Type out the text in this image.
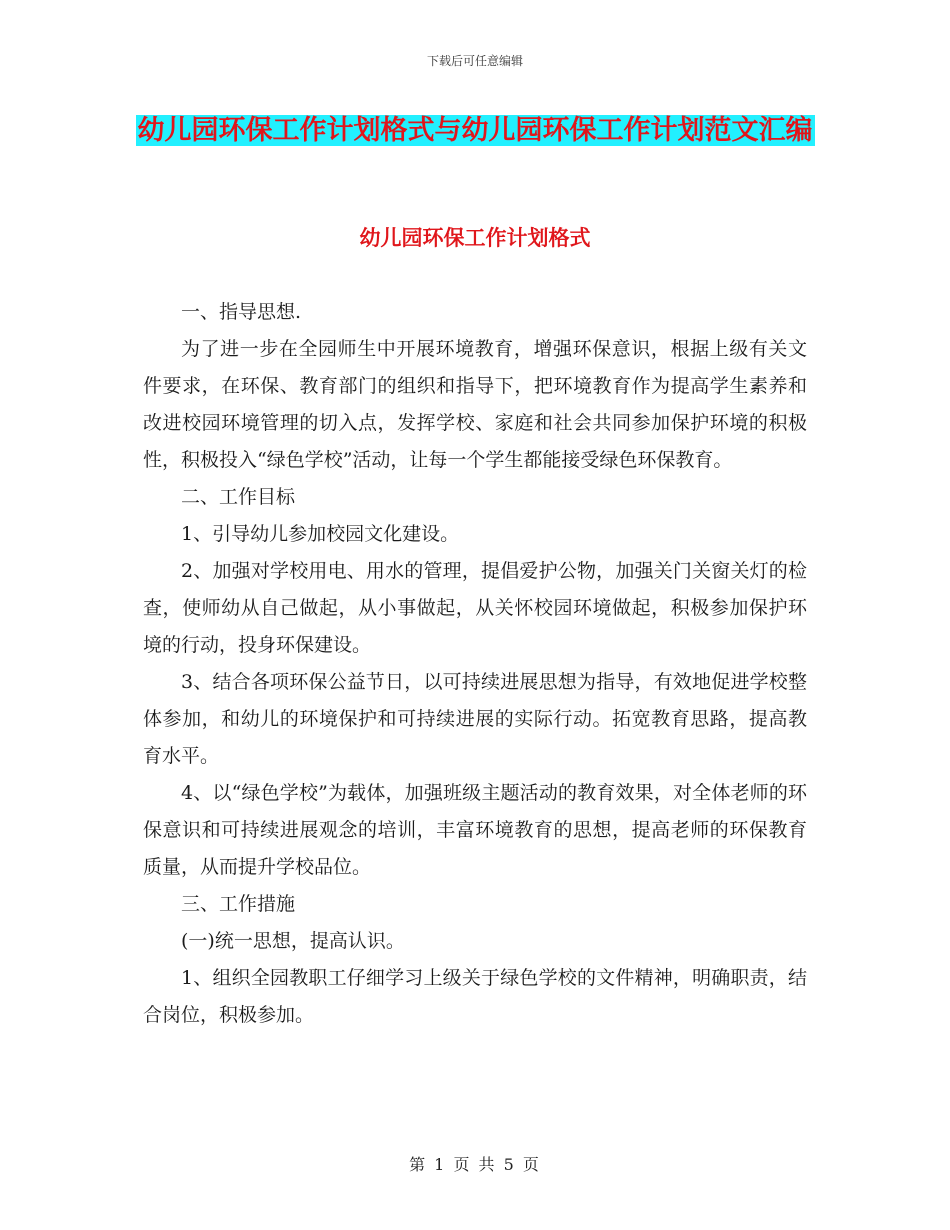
下载后可任意编辑
幼儿园环保工作计划格式与幼儿园环保工作计划范文汇编
幼儿园环保工作计划格式

一、指导思想.

为了进一步在全园师生中开展环境教育，增强环保意识，根据上级有关文件要求，在环保、教育部门的组织和指导下，把环境教育作为提高学生素养和改进校园环境管理的切入点，发挥学校、家庭和社会共同参加保护环境的积极性，积极投入“绿色学校”活动，让每一个学生都能接受绿色环保教育。

二、工作目标

1、引导幼儿参加校园文化建设。

2、加强对学校用电、用水的管理，提倡爱护公物，加强关门关窗关灯的检查，使师幼从自己做起，从小事做起，从关怀校园环境做起，积极参加保护环境的行动，投身环保建设。

3、结合各项环保公益节日，以可持续进展思想为指导，有效地促进学校整体参加，和幼儿的环境保护和可持续进展的实际行动。拓宽教育思路，提高教育水平。

4、以“绿色学校”为载体，加强班级主题活动的教育效果，对全体老师的环保意识和可持续进展观念的培训，丰富环境教育的思想，提高老师的环保教育质量，从而提升学校品位。

三、工作措施

(一)统一思想，提高认识。

1、组织全园教职工仔细学习上级关于绿色学校的文件精神，明确职责，结合岗位，积极参加。

第 1 页 共 5 页
